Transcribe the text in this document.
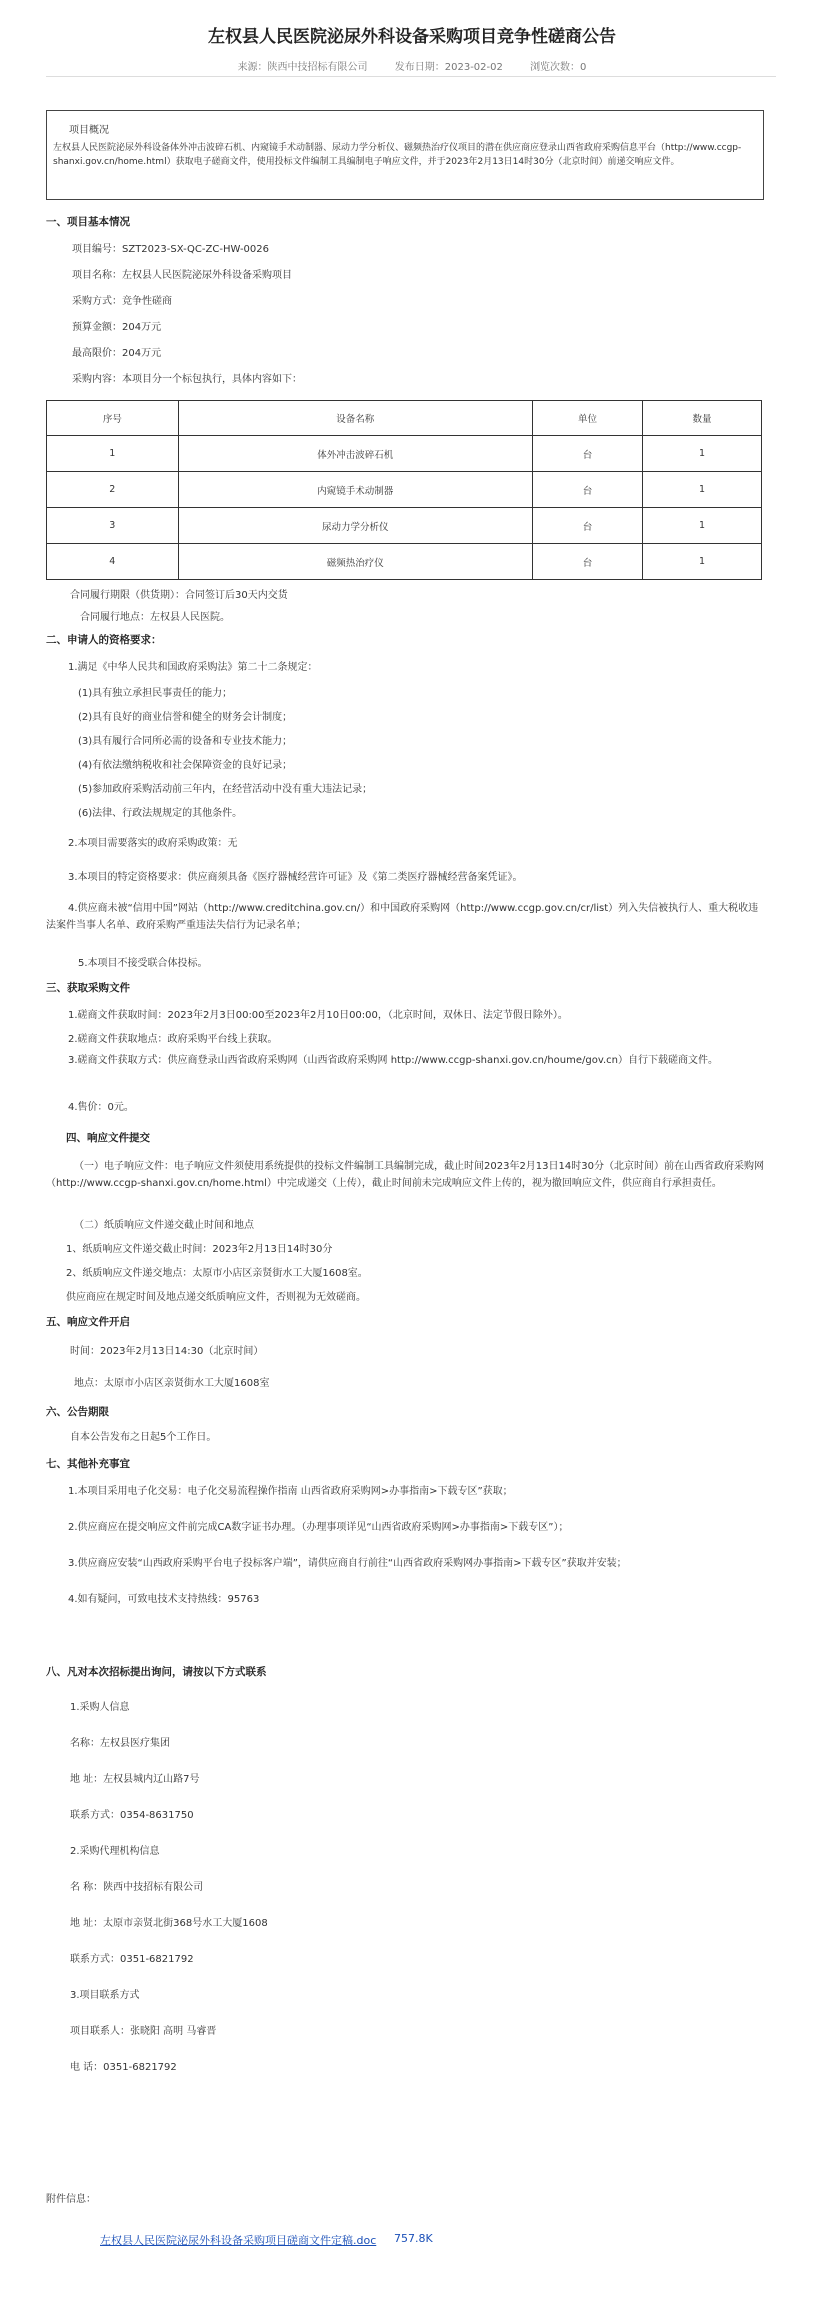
左权县人民医院泌尿外科设备采购项目竞争性磋商公告
来源：陕西中技招标有限公司	发布日期：2023-02-02	浏览次数：0
项目概况
左权县人民医院泌尿外科设备体外冲击波碎石机、内窥镜手术动制器、尿动力学分析仪、磁频热治疗仪项目的潜在供应商应登录山西省政府采购信息平台（http://www.ccgp-shanxi.gov.cn/home.html）获取电子磋商文件，使用投标文件编制工具编制电子响应文件，并于2023年2月13日14时30分（北京时间）前递交响应文件。
一、项目基本情况
项目编号：SZT2023-SX-QC-ZC-HW-0026
项目名称：左权县人民医院泌尿外科设备采购项目
采购方式：竞争性磋商
预算金额：204万元
最高限价：204万元
采购内容：本项目分一个标包执行，具体内容如下：
序号	设备名称	单位	数量
1	体外冲击波碎石机	台	1
2	内窥镜手术动制器	台	1
3	尿动力学分析仪	台	1
4	磁频热治疗仪	台	1
合同履行期限（供货期）：合同签订后30天内交货
合同履行地点：左权县人民医院。
二、申请人的资格要求：
1.满足《中华人民共和国政府采购法》第二十二条规定：
(1)具有独立承担民事责任的能力；
(2)具有良好的商业信誉和健全的财务会计制度；
(3)具有履行合同所必需的设备和专业技术能力；
(4)有依法缴纳税收和社会保障资金的良好记录；
(5)参加政府采购活动前三年内，在经营活动中没有重大违法记录；
(6)法律、行政法规规定的其他条件。
2.本项目需要落实的政府采购政策：无
3.本项目的特定资格要求：供应商须具备《医疗器械经营许可证》及《第二类医疗器械经营备案凭证》。
4.供应商未被“信用中国”网站（http://www.creditchina.gov.cn/）和中国政府采购网（http://www.ccgp.gov.cn/cr/list）列入失信被执行人、重大税收违法案件当事人名单、政府采购严重违法失信行为记录名单；
5.本项目不接受联合体投标。
三、获取采购文件
1.磋商文件获取时间：2023年2月3日00:00至2023年2月10日00:00，（北京时间，双休日、法定节假日除外）。
2.磋商文件获取地点：政府采购平台线上获取。
3.磋商文件获取方式：供应商登录山西省政府采购网（山西省政府采购网 http://www.ccgp-shanxi.gov.cn/houme/gov.cn）自行下载磋商文件。
4.售价：0元。
四、响应文件提交
（一）电子响应文件：电子响应文件须使用系统提供的投标文件编制工具编制完成，截止时间2023年2月13日14时30分（北京时间）前在山西省政府采购网（http://www.ccgp-shanxi.gov.cn/home.html）中完成递交（上传），截止时间前未完成响应文件上传的，视为撤回响应文件，供应商自行承担责任。
（二）纸质响应文件递交截止时间和地点
1、纸质响应文件递交截止时间：2023年2月13日14时30分
2、纸质响应文件递交地点：太原市小店区亲贤街水工大厦1608室。
供应商应在规定时间及地点递交纸质响应文件，否则视为无效磋商。
五、响应文件开启
时间：2023年2月13日14:30（北京时间）
地点：太原市小店区亲贤街水工大厦1608室
六、公告期限
自本公告发布之日起5个工作日。
七、其他补充事宜
1.本项目采用电子化交易：电子化交易流程操作指南 山西省政府采购网>办事指南>下载专区”获取；
2.供应商应在提交响应文件前完成CA数字证书办理。（办理事项详见“山西省政府采购网>办事指南>下载专区”）；
3.供应商应安装“山西政府采购平台电子投标客户端”，请供应商自行前往“山西省政府采购网办事指南>下载专区”获取并安装；
4.如有疑问，可致电技术支持热线：95763
八、凡对本次招标提出询问，请按以下方式联系
1.采购人信息
名称：左权县医疗集团
地 址：左权县城内辽山路7号
联系方式：0354-8631750
2.采购代理机构信息
名 称：陕西中技招标有限公司
地 址：太原市亲贤北街368号水工大厦1608
联系方式：0351-6821792
3.项目联系方式
项目联系人：张晓阳 高明 马睿晋
电 话：0351-6821792
附件信息：
左权县人民医院泌尿外科设备采购项目磋商文件定稿.doc 757.8K
